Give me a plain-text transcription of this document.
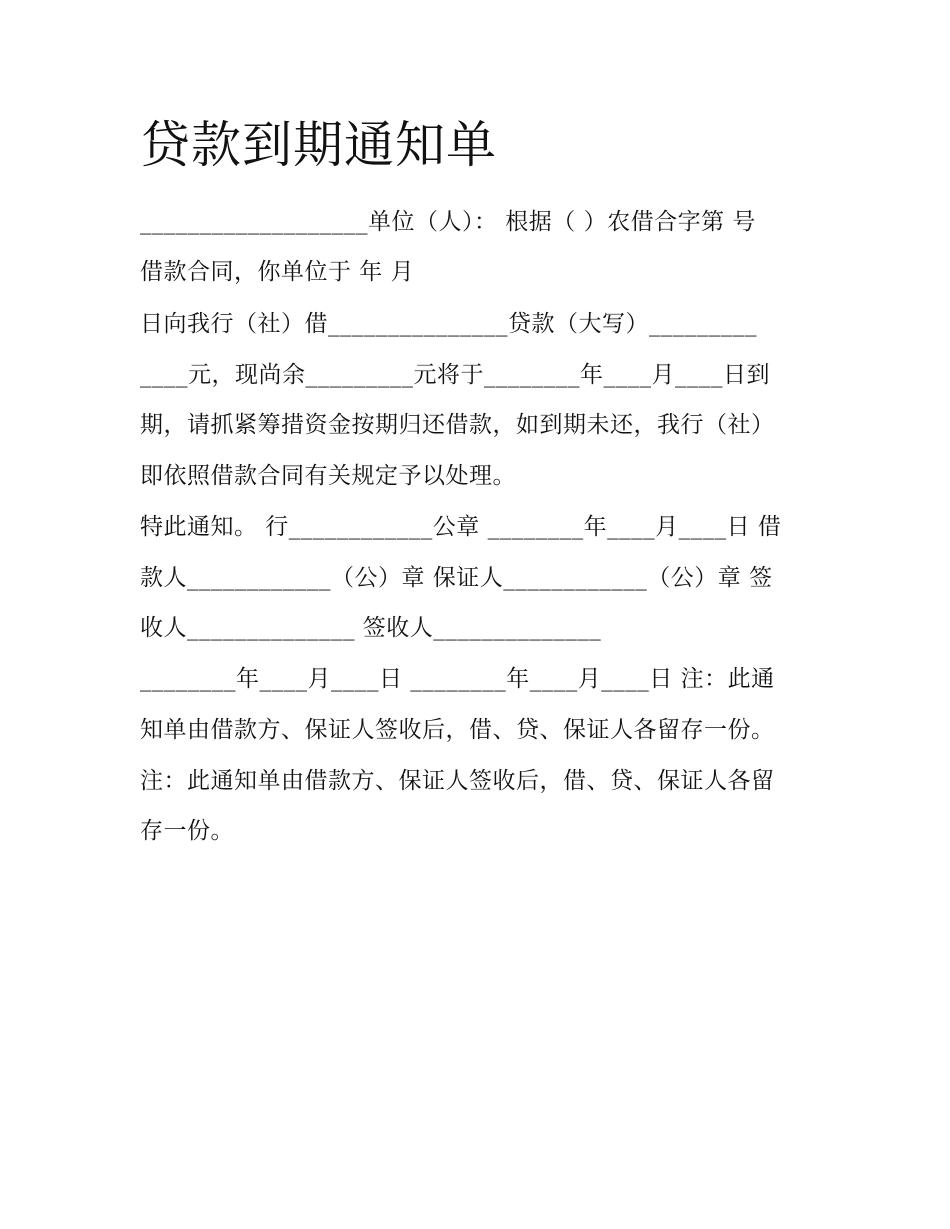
贷款到期通知单
___________________单位（人）： 根据（ ）农借合字第 号
借款合同，你单位于 年 月
日向我行（社）借_______________贷款（大写）_________
____元，现尚余_________元将于________年____月____日到
期，请抓紧筹措资金按期归还借款，如到期未还，我行（社）
即依照借款合同有关规定予以处理。
特此通知。 行____________公章 ________年____月____日 借
款人____________（公）章 保证人____________（公）章 签
收人______________ 签收人______________
________年____月____日 ________年____月____日 注：此通
知单由借款方、保证人签收后，借、贷、保证人各留存一份。
注：此通知单由借款方、保证人签收后，借、贷、保证人各留
存一份。
